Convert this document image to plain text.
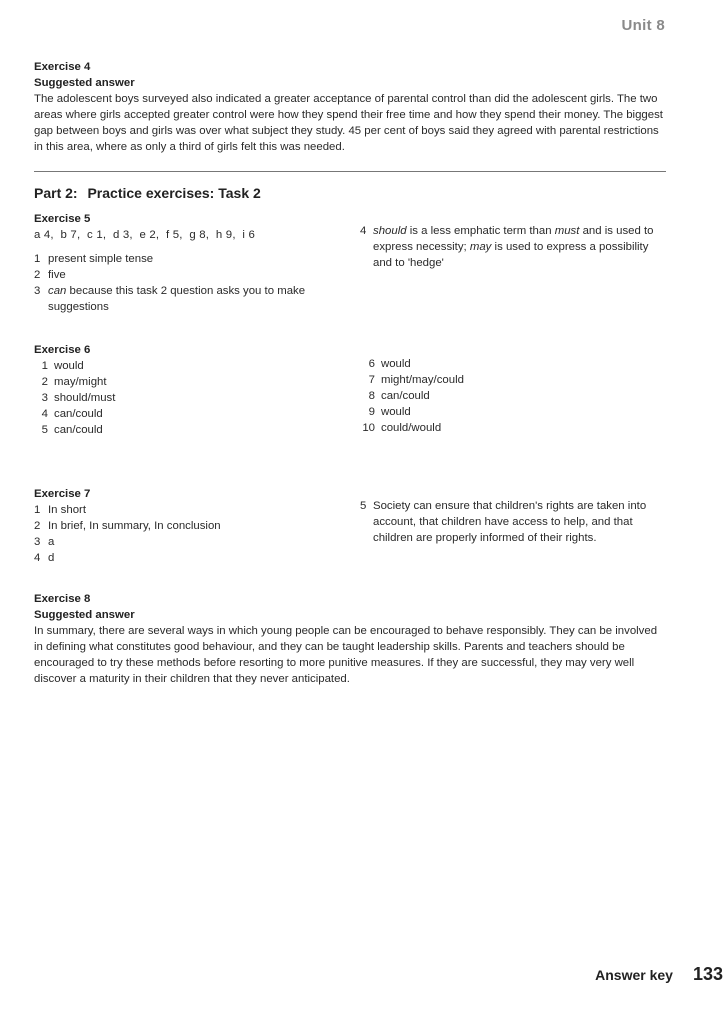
Unit 8
Exercise 4
Suggested answer

The adolescent boys surveyed also indicated a greater acceptance of parental control than did the adolescent girls. The two areas where girls accepted greater control were how they spend their free time and how they spend their money. The biggest gap between boys and girls was over what subject they study. 45 per cent of boys said they agreed with parental restrictions in this area, where as only a third of girls felt this was needed.

Part 2: Practice exercises: Task 2
Exercise 5
a 4,  b 7,  c 1,  d 3,  e 2,  f 5,  g 8,  h 9,  i 6
1 present simple tense
2 five
3 can because this task 2 question asks you to make suggestions
4 should is a less emphatic term than must and is used to express necessity; may is used to express a possibility and to 'hedge'
Exercise 6
1 would
2 may/might
3 should/must
4 can/could
5 can/could
6 would
7 might/may/could
8 can/could
9 would
10 could/would
Exercise 7
1 In short
2 In brief, In summary, In conclusion
3 a
4 d
5 Society can ensure that children's rights are taken into account, that children have access to help, and that children are properly informed of their rights.
Exercise 8
Suggested answer

In summary, there are several ways in which young people can be encouraged to behave responsibly. They can be involved in defining what constitutes good behaviour, and they can be taught leadership skills. Parents and teachers should be encouraged to try these methods before resorting to more punitive measures. If they are successful, they may very well discover a maturity in their children that they never anticipated.

Answer key 133
